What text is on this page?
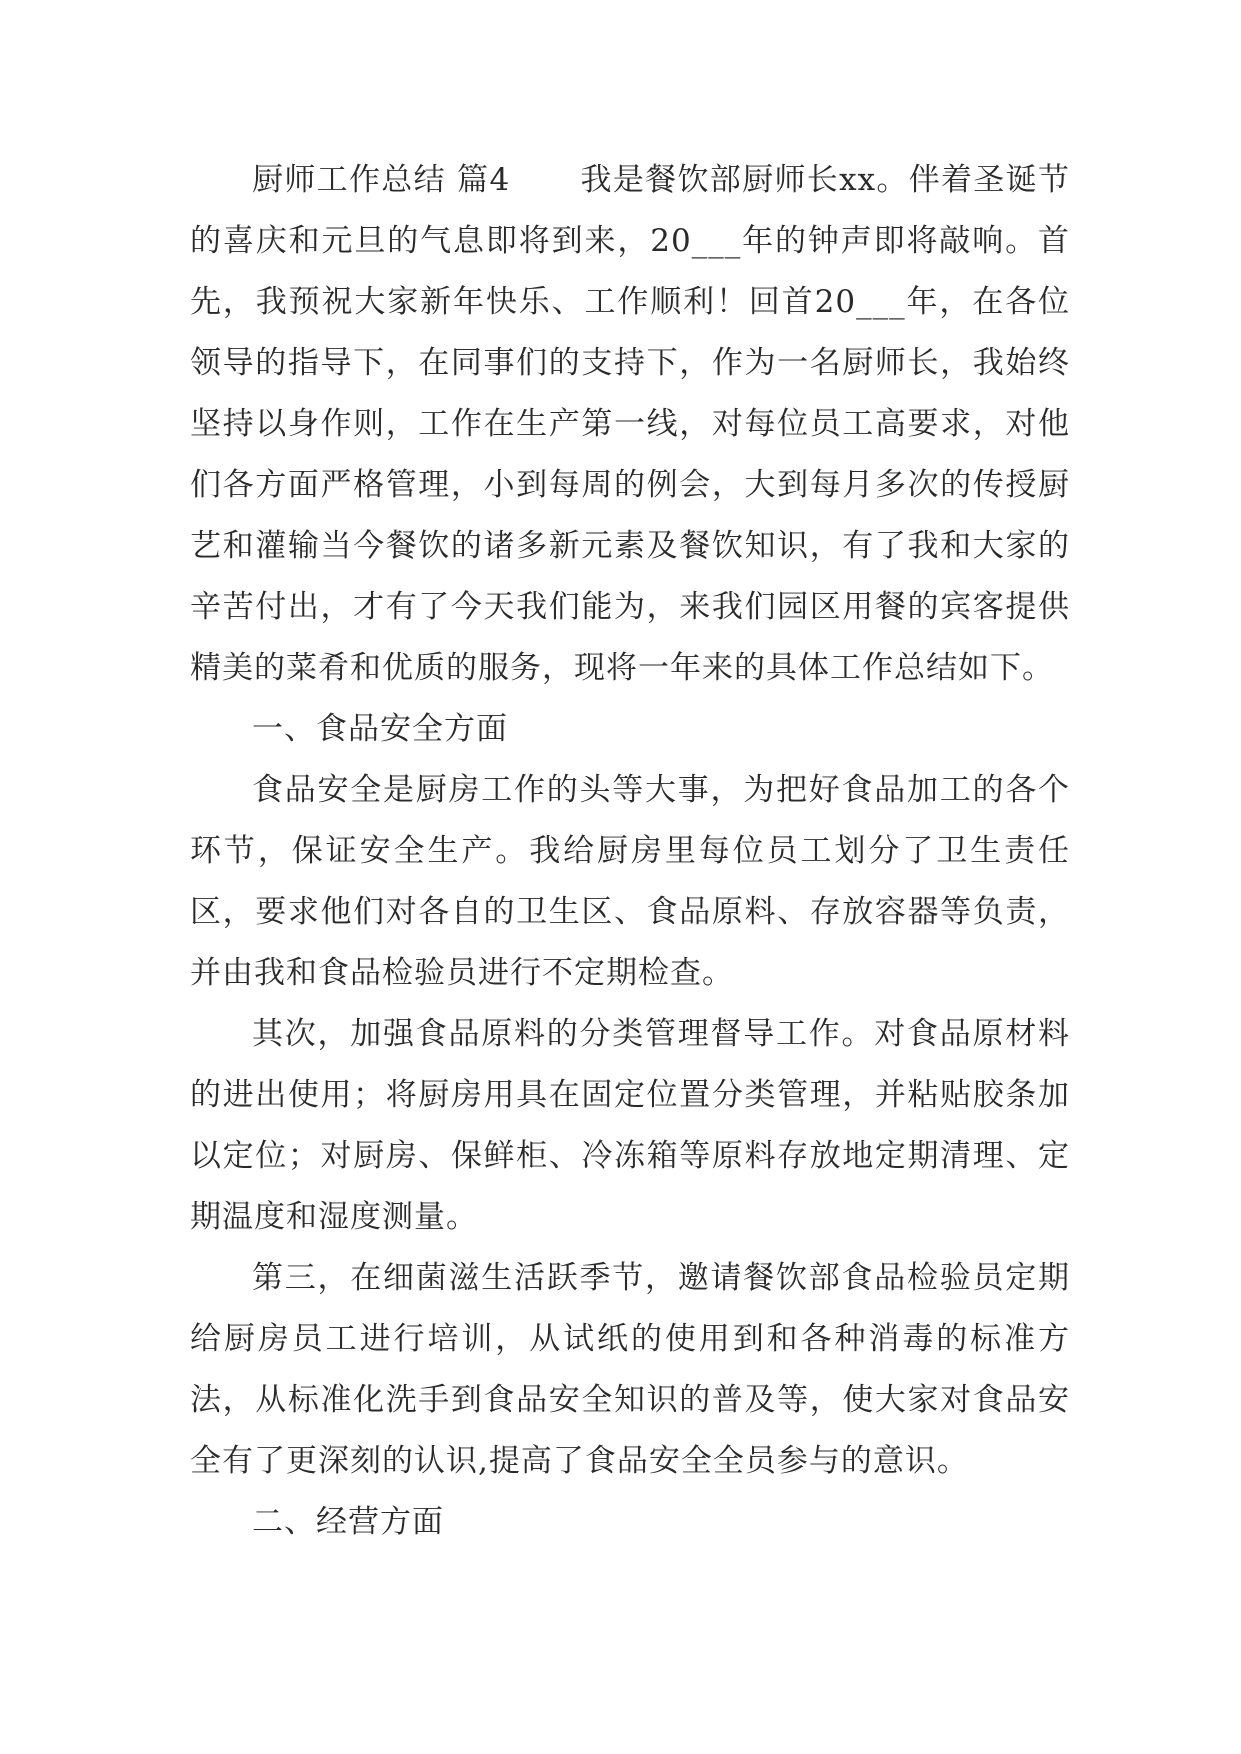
厨师工作总结 篇4 我是餐饮部厨师长xx。伴着圣诞节的喜庆和元旦的气息即将到来，20___年的钟声即将敲响。首先，我预祝大家新年快乐、工作顺利！回首20___年，在各位领导的指导下，在同事们的支持下，作为一名厨师长，我始终坚持以身作则，工作在生产第一线，对每位员工高要求，对他们各方面严格管理，小到每周的例会，大到每月多次的传授厨艺和灌输当今餐饮的诸多新元素及餐饮知识，有了我和大家的辛苦付出，才有了今天我们能为，来我们园区用餐的宾客提供精美的菜肴和优质的服务，现将一年来的具体工作总结如下。

一、食品安全方面

食品安全是厨房工作的头等大事，为把好食品加工的各个环节，保证安全生产。我给厨房里每位员工划分了卫生责任区，要求他们对各自的卫生区、食品原料、存放容器等负责，并由我和食品检验员进行不定期检查。

其次，加强食品原料的分类管理督导工作。对食品原材料的进出使用；将厨房用具在固定位置分类管理，并粘贴胶条加以定位；对厨房、保鲜柜、冷冻箱等原料存放地定期清理、定期温度和湿度测量。

第三，在细菌滋生活跃季节，邀请餐饮部食品检验员定期给厨房员工进行培训，从试纸的使用到和各种消毒的标准方法，从标准化洗手到食品安全知识的普及等，使大家对食品安全有了更深刻的认识,提高了食品安全全员参与的意识。

二、经营方面
